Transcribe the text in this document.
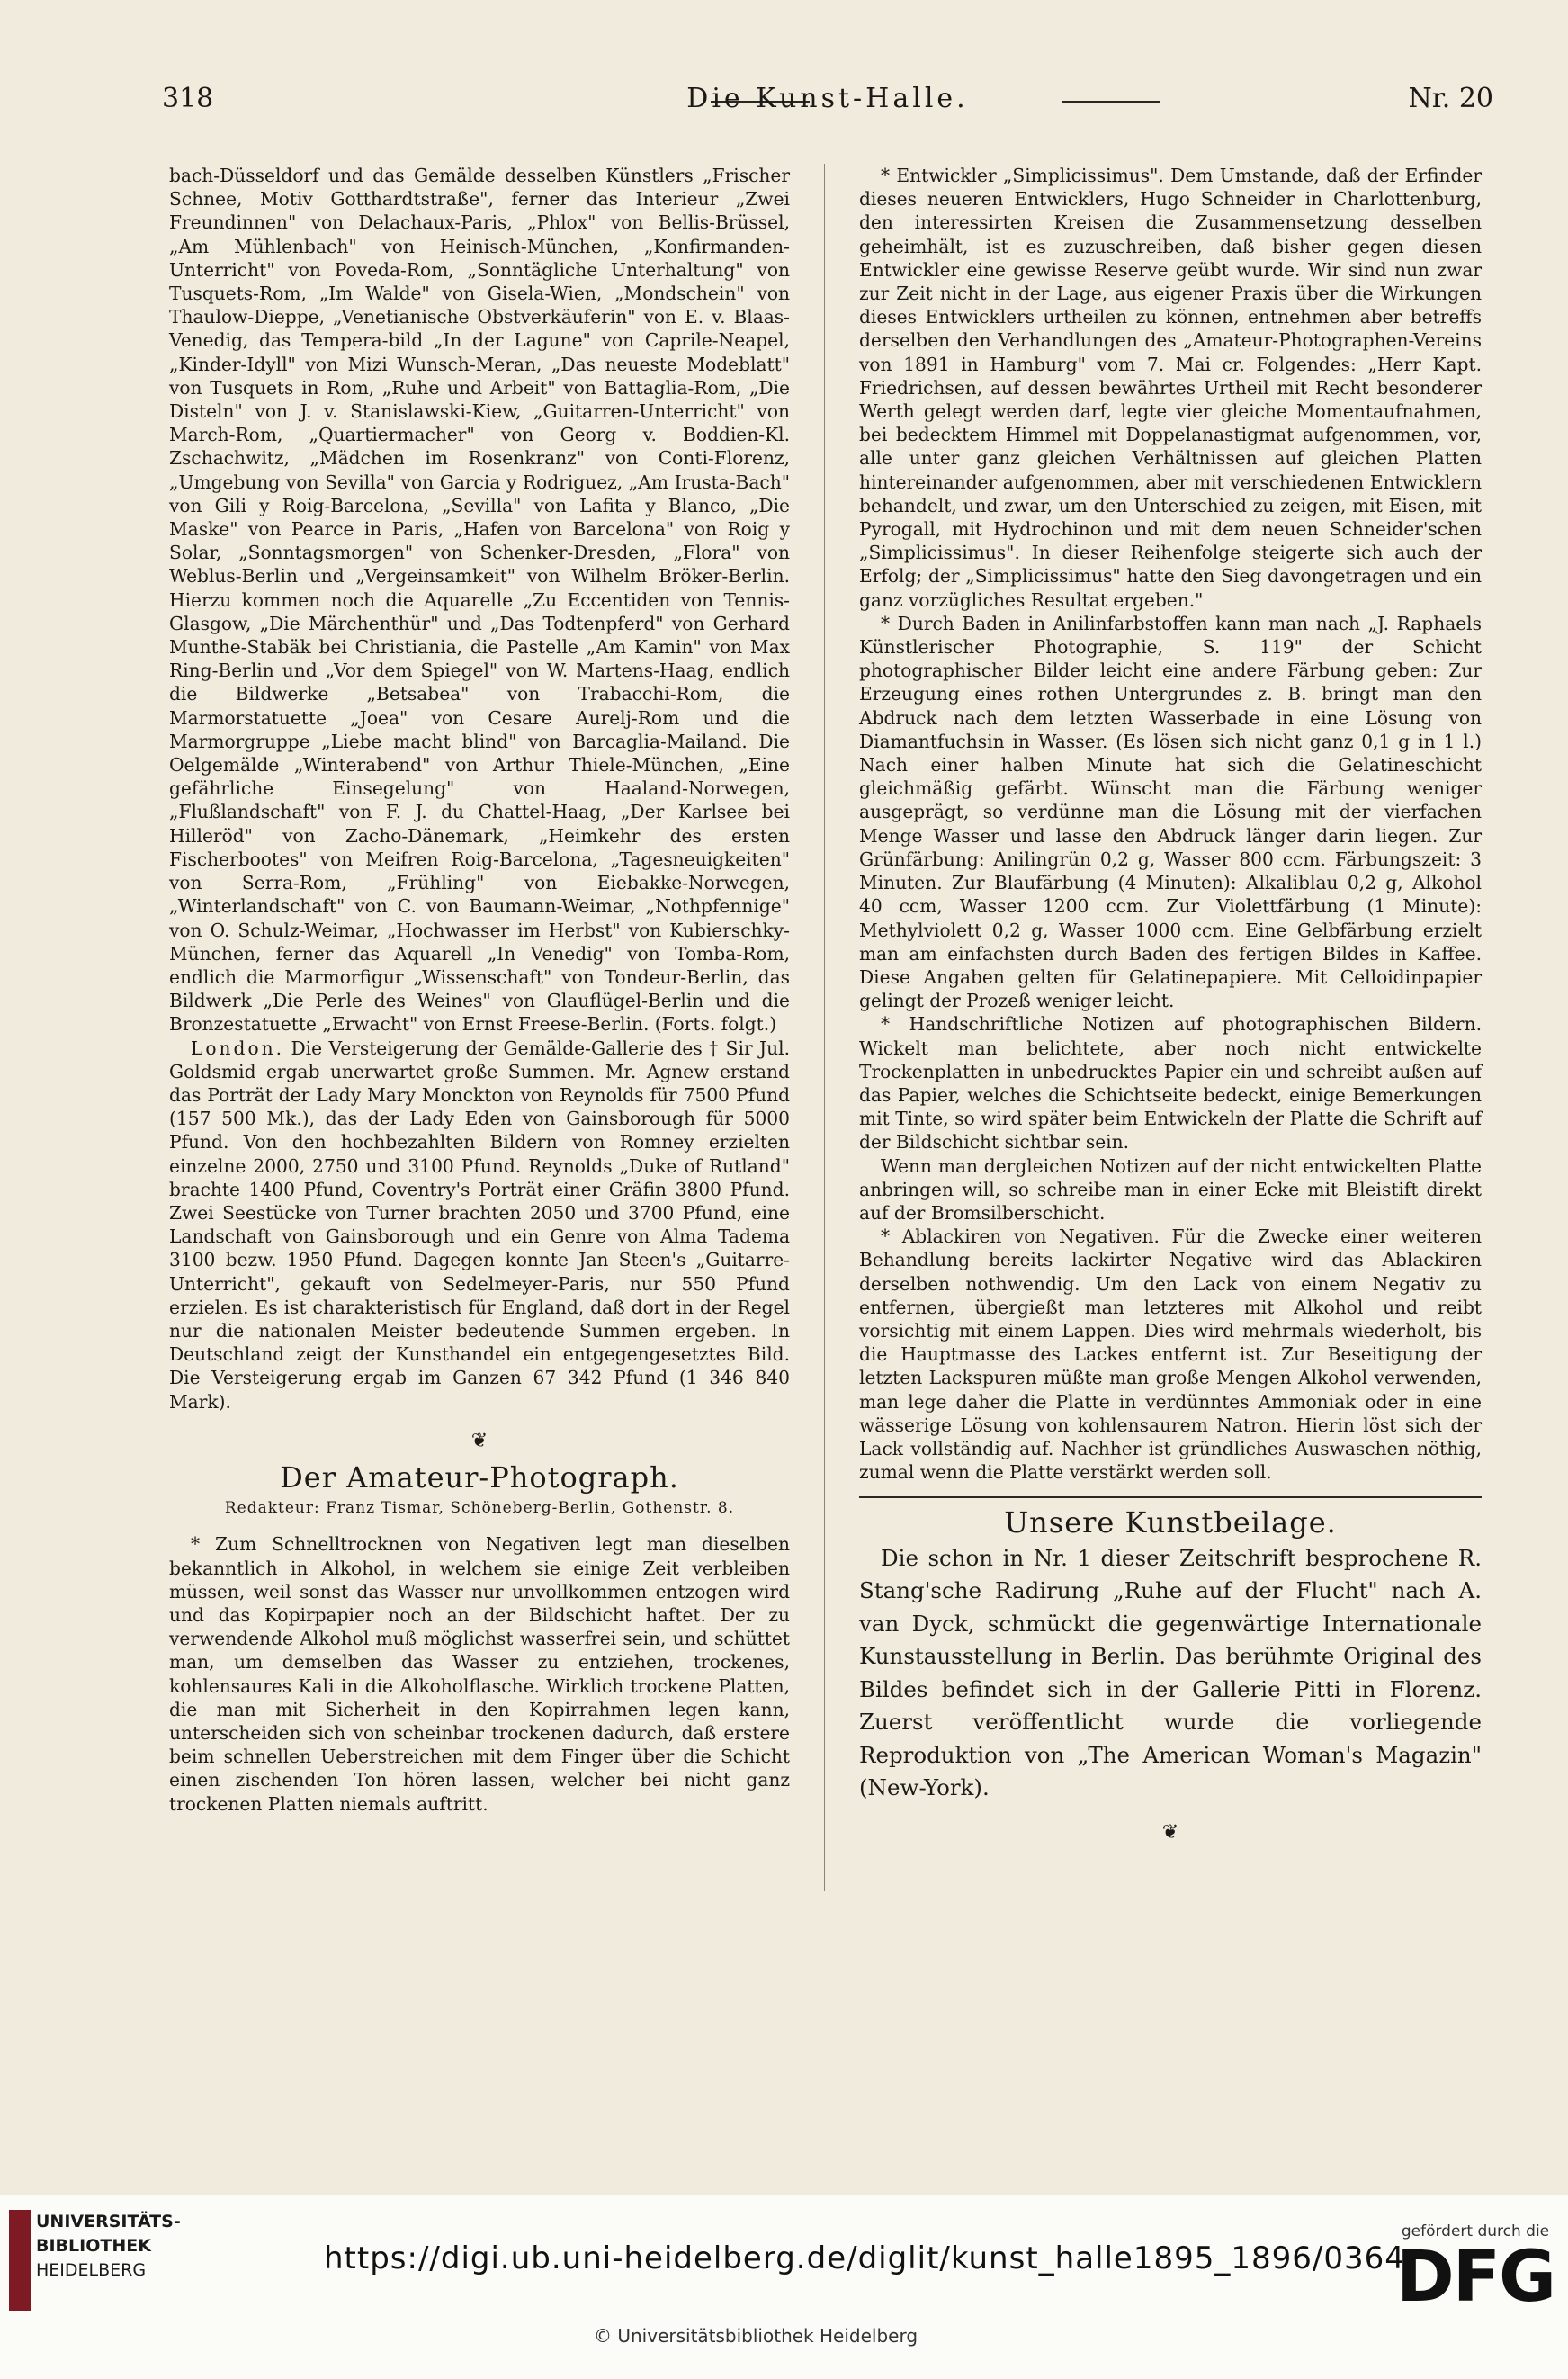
318	Die Kunst-Halle.	Nr. 20

bach-Düsseldorf und das Gemälde desselben Künstlers „Frischer Schnee, Motiv Gotthardtstraße", ferner das Interieur „Zwei Freundinnen" von Delachaux-Paris, „Phlox" von Bellis-Brüssel, „Am Mühlenbach" von Heinisch-München, „Konfirmanden-Unterricht" von Poveda-Rom, „Sonntägliche Unterhaltung" von Tusquets-Rom, „Im Walde" von Gisela-Wien, „Mondschein" von Thaulow-Dieppe, „Venetianische Obstverkäuferin" von E. v. Blaas-Venedig, das Tempera-bild „In der Lagune" von Caprile-Neapel, „Kinder-Idyll" von Mizi Wunsch-Meran, „Das neueste Modeblatt" von Tusquets in Rom, „Ruhe und Arbeit" von Battaglia-Rom, „Die Disteln" von J. v. Stanislawski-Kiew, „Guitarren-Unterricht" von March-Rom, „Quartiermacher" von Georg v. Boddien-Kl. Zschachwitz, „Mädchen im Rosenkranz" von Conti-Florenz, „Umgebung von Sevilla" von Garcia y Rodriguez, „Am Irusta-Bach" von Gili y Roig-Barcelona, „Sevilla" von Lafita y Blanco, „Die Maske" von Pearce in Paris, „Hafen von Barcelona" von Roig y Solar, „Sonntagsmorgen" von Schenker-Dresden, „Flora" von Weblus-Berlin und „Vergeinsamkeit" von Wilhelm Bröker-Berlin. Hierzu kommen noch die Aquarelle „Zu Eccentiden von Tennis-Glasgow, „Die Märchenthür" und „Das Todtenpferd" von Gerhard Munthe-Stabäk bei Christiania, die Pastelle „Am Kamin" von Max Ring-Berlin und „Vor dem Spiegel" von W. Martens-Haag, endlich die Bildwerke „Betsabea" von Trabacchi-Rom, die Marmorstatuette „Joea" von Cesare Aurelj-Rom und die Marmorgruppe „Liebe macht blind" von Barcaglia-Mailand. Die Oelgemälde „Winterabend" von Arthur Thiele-München, „Eine gefährliche Einsegelung" von Haaland-Norwegen, „Flußlandschaft" von F. J. du Chattel-Haag, „Der Karlsee bei Hilleröd" von Zacho-Dänemark, „Heimkehr des ersten Fischerbootes" von Meifren Roig-Barcelona, „Tagesneuigkeiten" von Serra-Rom, „Frühling" von Eiebakke-Norwegen, „Winterlandschaft" von C. von Baumann-Weimar, „Nothpfennige" von O. Schulz-Weimar, „Hochwasser im Herbst" von Kubierschky-München, ferner das Aquarell „In Venedig" von Tomba-Rom, endlich die Marmorfigur „Wissenschaft" von Tondeur-Berlin, das Bildwerk „Die Perle des Weines" von Glauflügel-Berlin und die Bronzestatuette „Erwacht" von Ernst Freese-Berlin. (Forts. folgt.)

London. Die Versteigerung der Gemälde-Gallerie des † Sir Jul. Goldsmid ergab unerwartet große Summen. Mr. Agnew erstand das Porträt der Lady Mary Monckton von Reynolds für 7500 Pfund (157 500 Mk.), das der Lady Eden von Gainsborough für 5000 Pfund. Von den hochbezahlten Bildern von Romney erzielten einzelne 2000, 2750 und 3100 Pfund. Reynolds „Duke of Rutland" brachte 1400 Pfund, Coventry's Porträt einer Gräfin 3800 Pfund. Zwei Seestücke von Turner brachten 2050 und 3700 Pfund, eine Landschaft von Gainsborough und ein Genre von Alma Tadema 3100 bezw. 1950 Pfund. Dagegen konnte Jan Steen's „Guitarre-Unterricht", gekauft von Sedelmeyer-Paris, nur 550 Pfund erzielen. Es ist charakteristisch für England, daß dort in der Regel nur die nationalen Meister bedeutende Summen ergeben. In Deutschland zeigt der Kunsthandel ein entgegengesetztes Bild. Die Versteigerung ergab im Ganzen 67 342 Pfund (1 346 840 Mark).

❦
Der Amateur-Photograph.
Redakteur: Franz Tismar, Schöneberg-Berlin, Gothenstr. 8.

* Zum Schnelltrocknen von Negativen legt man dieselben bekanntlich in Alkohol, in welchem sie einige Zeit verbleiben müssen, weil sonst das Wasser nur unvollkommen entzogen wird und das Kopirpapier noch an der Bildschicht haftet. Der zu verwendende Alkohol muß möglichst wasserfrei sein, und schüttet man, um demselben das Wasser zu entziehen, trockenes, kohlensaures Kali in die Alkoholflasche. Wirklich trockene Platten, die man mit Sicherheit in den Kopirrahmen legen kann, unterscheiden sich von scheinbar trockenen dadurch, daß erstere beim schnellen Ueberstreichen mit dem Finger über die Schicht einen zischenden Ton hören lassen, welcher bei nicht ganz trockenen Platten niemals auftritt.

* Entwickler „Simplicissimus". Dem Umstande, daß der Erfinder dieses neueren Entwicklers, Hugo Schneider in Charlottenburg, den interessirten Kreisen die Zusammensetzung desselben geheimhält, ist es zuzuschreiben, daß bisher gegen diesen Entwickler eine gewisse Reserve geübt wurde. Wir sind nun zwar zur Zeit nicht in der Lage, aus eigener Praxis über die Wirkungen dieses Entwicklers urtheilen zu können, entnehmen aber betreffs derselben den Verhandlungen des „Amateur-Photographen-Vereins von 1891 in Hamburg" vom 7. Mai cr. Folgendes: „Herr Kapt. Friedrichsen, auf dessen bewährtes Urtheil mit Recht besonderer Werth gelegt werden darf, legte vier gleiche Momentaufnahmen, bei bedecktem Himmel mit Doppelanastigmat aufgenommen, vor, alle unter ganz gleichen Verhältnissen auf gleichen Platten hintereinander aufgenommen, aber mit verschiedenen Entwicklern behandelt, und zwar, um den Unterschied zu zeigen, mit Eisen, mit Pyrogall, mit Hydrochinon und mit dem neuen Schneider'schen „Simplicissimus". In dieser Reihenfolge steigerte sich auch der Erfolg; der „Simplicissimus" hatte den Sieg davongetragen und ein ganz vorzügliches Resultat ergeben."

* Durch Baden in Anilinfarbstoffen kann man nach „J. Raphaels Künstlerischer Photographie, S. 119" der Schicht photographischer Bilder leicht eine andere Färbung geben: Zur Erzeugung eines rothen Untergrundes z. B. bringt man den Abdruck nach dem letzten Wasserbade in eine Lösung von Diamantfuchsin in Wasser. (Es lösen sich nicht ganz 0,1 g in 1 l.) Nach einer halben Minute hat sich die Gelatineschicht gleichmäßig gefärbt. Wünscht man die Färbung weniger ausgeprägt, so verdünne man die Lösung mit der vierfachen Menge Wasser und lasse den Abdruck länger darin liegen. Zur Grünfärbung: Anilingrün 0,2 g, Wasser 800 ccm. Färbungszeit: 3 Minuten. Zur Blaufärbung (4 Minuten): Alkaliblau 0,2 g, Alkohol 40 ccm, Wasser 1200 ccm. Zur Violettfärbung (1 Minute): Methylviolett 0,2 g, Wasser 1000 ccm. Eine Gelbfärbung erzielt man am einfachsten durch Baden des fertigen Bildes in Kaffee. Diese Angaben gelten für Gelatinepapiere. Mit Celloidinpapier gelingt der Prozeß weniger leicht.

* Handschriftliche Notizen auf photographischen Bildern. Wickelt man belichtete, aber noch nicht entwickelte Trockenplatten in unbedrucktes Papier ein und schreibt außen auf das Papier, welches die Schichtseite bedeckt, einige Bemerkungen mit Tinte, so wird später beim Entwickeln der Platte die Schrift auf der Bildschicht sichtbar sein.

Wenn man dergleichen Notizen auf der nicht entwickelten Platte anbringen will, so schreibe man in einer Ecke mit Bleistift direkt auf der Bromsilberschicht.

* Ablackiren von Negativen. Für die Zwecke einer weiteren Behandlung bereits lackirter Negative wird das Ablackiren derselben nothwendig. Um den Lack von einem Negativ zu entfernen, übergießt man letzteres mit Alkohol und reibt vorsichtig mit einem Lappen. Dies wird mehrmals wiederholt, bis die Hauptmasse des Lackes entfernt ist. Zur Beseitigung der letzten Lackspuren müßte man große Mengen Alkohol verwenden, man lege daher die Platte in verdünntes Ammoniak oder in eine wässerige Lösung von kohlensaurem Natron. Hierin löst sich der Lack vollständig auf. Nachher ist gründliches Auswaschen nöthig, zumal wenn die Platte verstärkt werden soll.

Unsere Kunstbeilage.

Die schon in Nr. 1 dieser Zeitschrift besprochene R. Stang'sche Radirung „Ruhe auf der Flucht" nach A. van Dyck, schmückt die gegenwärtige Internationale Kunstausstellung in Berlin. Das berühmte Original des Bildes befindet sich in der Gallerie Pitti in Florenz. Zuerst veröffentlicht wurde die vorliegende Reproduktion von „The American Woman's Magazin" (New-York).

❦
UNIVERSITÄTS-
BIBLIOTHEK
HEIDELBERG	https://digi.ub.uni-heidelberg.de/diglit/kunst_halle1895_1896/0364
© Universitätsbibliothek Heidelberg
gefördert durch die
DFG
